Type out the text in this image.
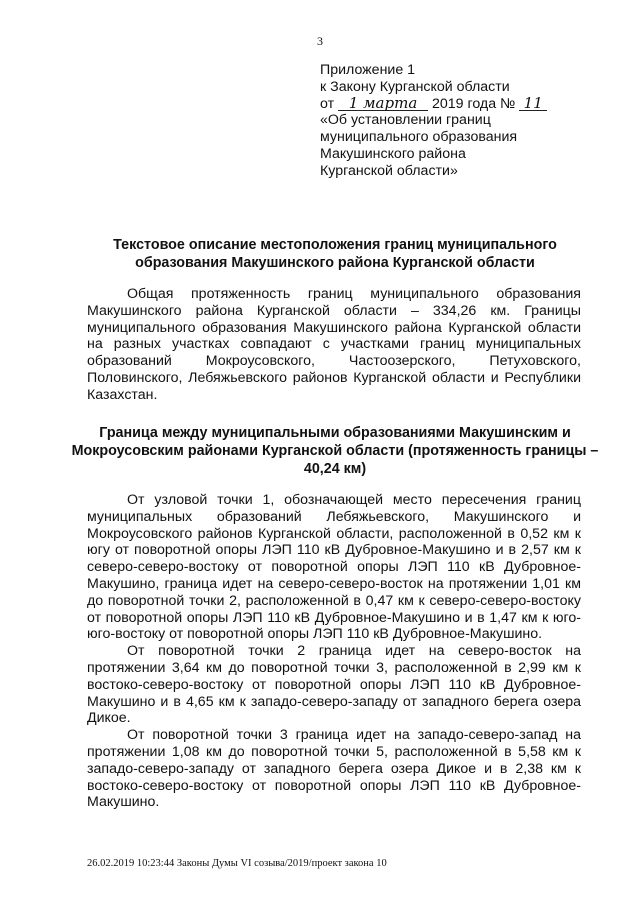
3
Приложение 1
к Закону Курганской области
от 1 марта 2019 года № 11
«Об установлении границ
муниципального образования
Макушинского района
Курганской области»
Текстовое описание местоположения границ муниципального образования Макушинского района Курганской области
Общая протяженность границ муниципального образования Макушинского района Курганской области – 334,26 км. Границы муниципального образования Макушинского района Курганской области на разных участках совпадают с участками границ муниципальных образований Мокроусовского, Частоозерского, Петуховского, Половинского, Лебяжьевского районов Курганской области и Республики Казахстан.
Граница между муниципальными образованиями Макушинским и Мокроусовским районами Курганской области (протяженность границы – 40,24 км)
От узловой точки 1, обозначающей место пересечения границ муниципальных образований Лебяжьевского, Макушинского и Мокроусовского районов Курганской области, расположенной в 0,52 км к югу от поворотной опоры ЛЭП 110 кВ Дубровное-Макушино и в 2,57 км к северо-северо-востоку от поворотной опоры ЛЭП 110 кВ Дубровное-Макушино, граница идет на северо-северо-восток на протяжении 1,01 км до поворотной точки 2, расположенной в 0,47 км к северо-северо-востоку от поворотной опоры ЛЭП 110 кВ Дубровное-Макушино и в 1,47 км к юго-юго-востоку от поворотной опоры ЛЭП 110 кВ Дубровное-Макушино.
От поворотной точки 2 граница идет на северо-восток на протяжении 3,64 км до поворотной точки 3, расположенной в 2,99 км к востоко-северо-востоку от поворотной опоры ЛЭП 110 кВ Дубровное-Макушино и в 4,65 км к западо-северо-западу от западного берега озера Дикое.
От поворотной точки 3 граница идет на западо-северо-запад на протяжении 1,08 км до поворотной точки 5, расположенной в 5,58 км к западо-северо-западу от западного берега озера Дикое и в 2,38 км к востоко-северо-востоку от поворотной опоры ЛЭП 110 кВ Дубровное-Макушино.
26.02.2019 10:23:44 Законы Думы VI созыва/2019/проект закона 10
